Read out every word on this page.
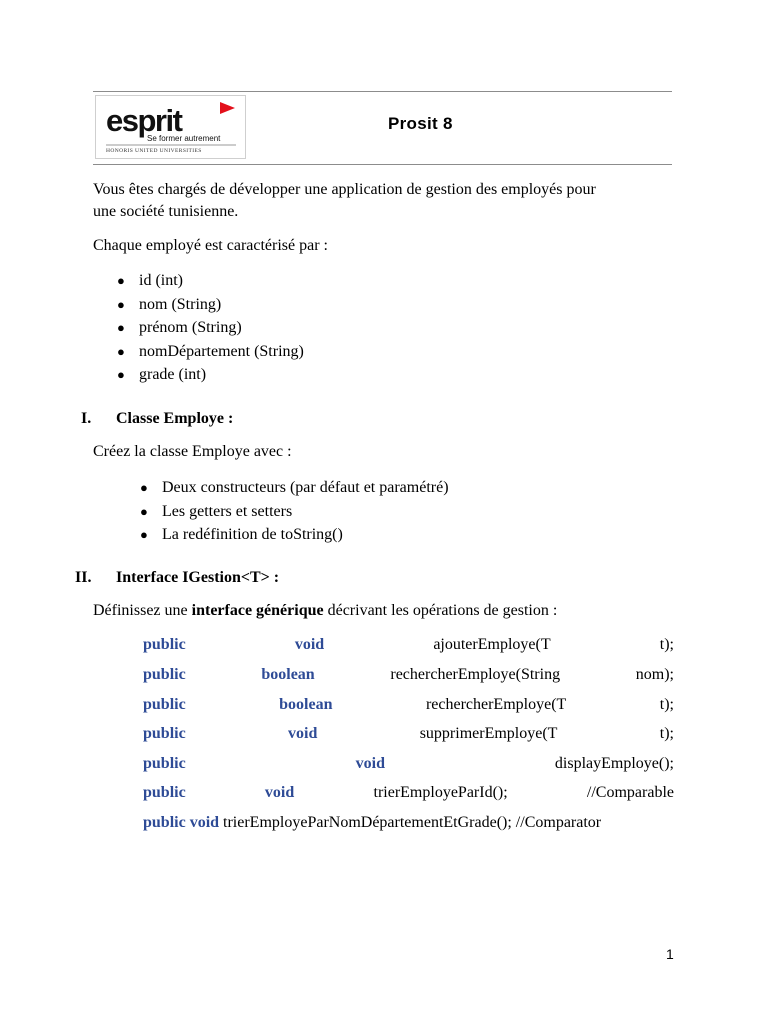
esprit
Se former autrement
HONORIS UNITED UNIVERSITIES
Prosit 8
Vous êtes chargés de développer une application de gestion des employés pour
une société tunisienne.
Chaque employé est caractérisé par :
● id (int)
● nom (String)
● prénom (String)
● nomDépartement (String)
● grade (int)
I. Classe Employe :
Créez la classe Employe avec :
● Deux constructeurs (par défaut et paramétré)
● Les getters et setters
● La redéfinition de toString()
II. Interface IGestion<T> :
Définissez une interface générique décrivant les opérations de gestion :
public	void	ajouterEmploye(T	t);
public	boolean	rechercherEmploye(String	nom);
public	boolean	rechercherEmploye(T	t);
public	void	supprimerEmploye(T	t);
public	void	displayEmploye();
public	void	trierEmployeParId();	//Comparable
public void trierEmployeParNomDépartementEtGrade(); //Comparator
1
